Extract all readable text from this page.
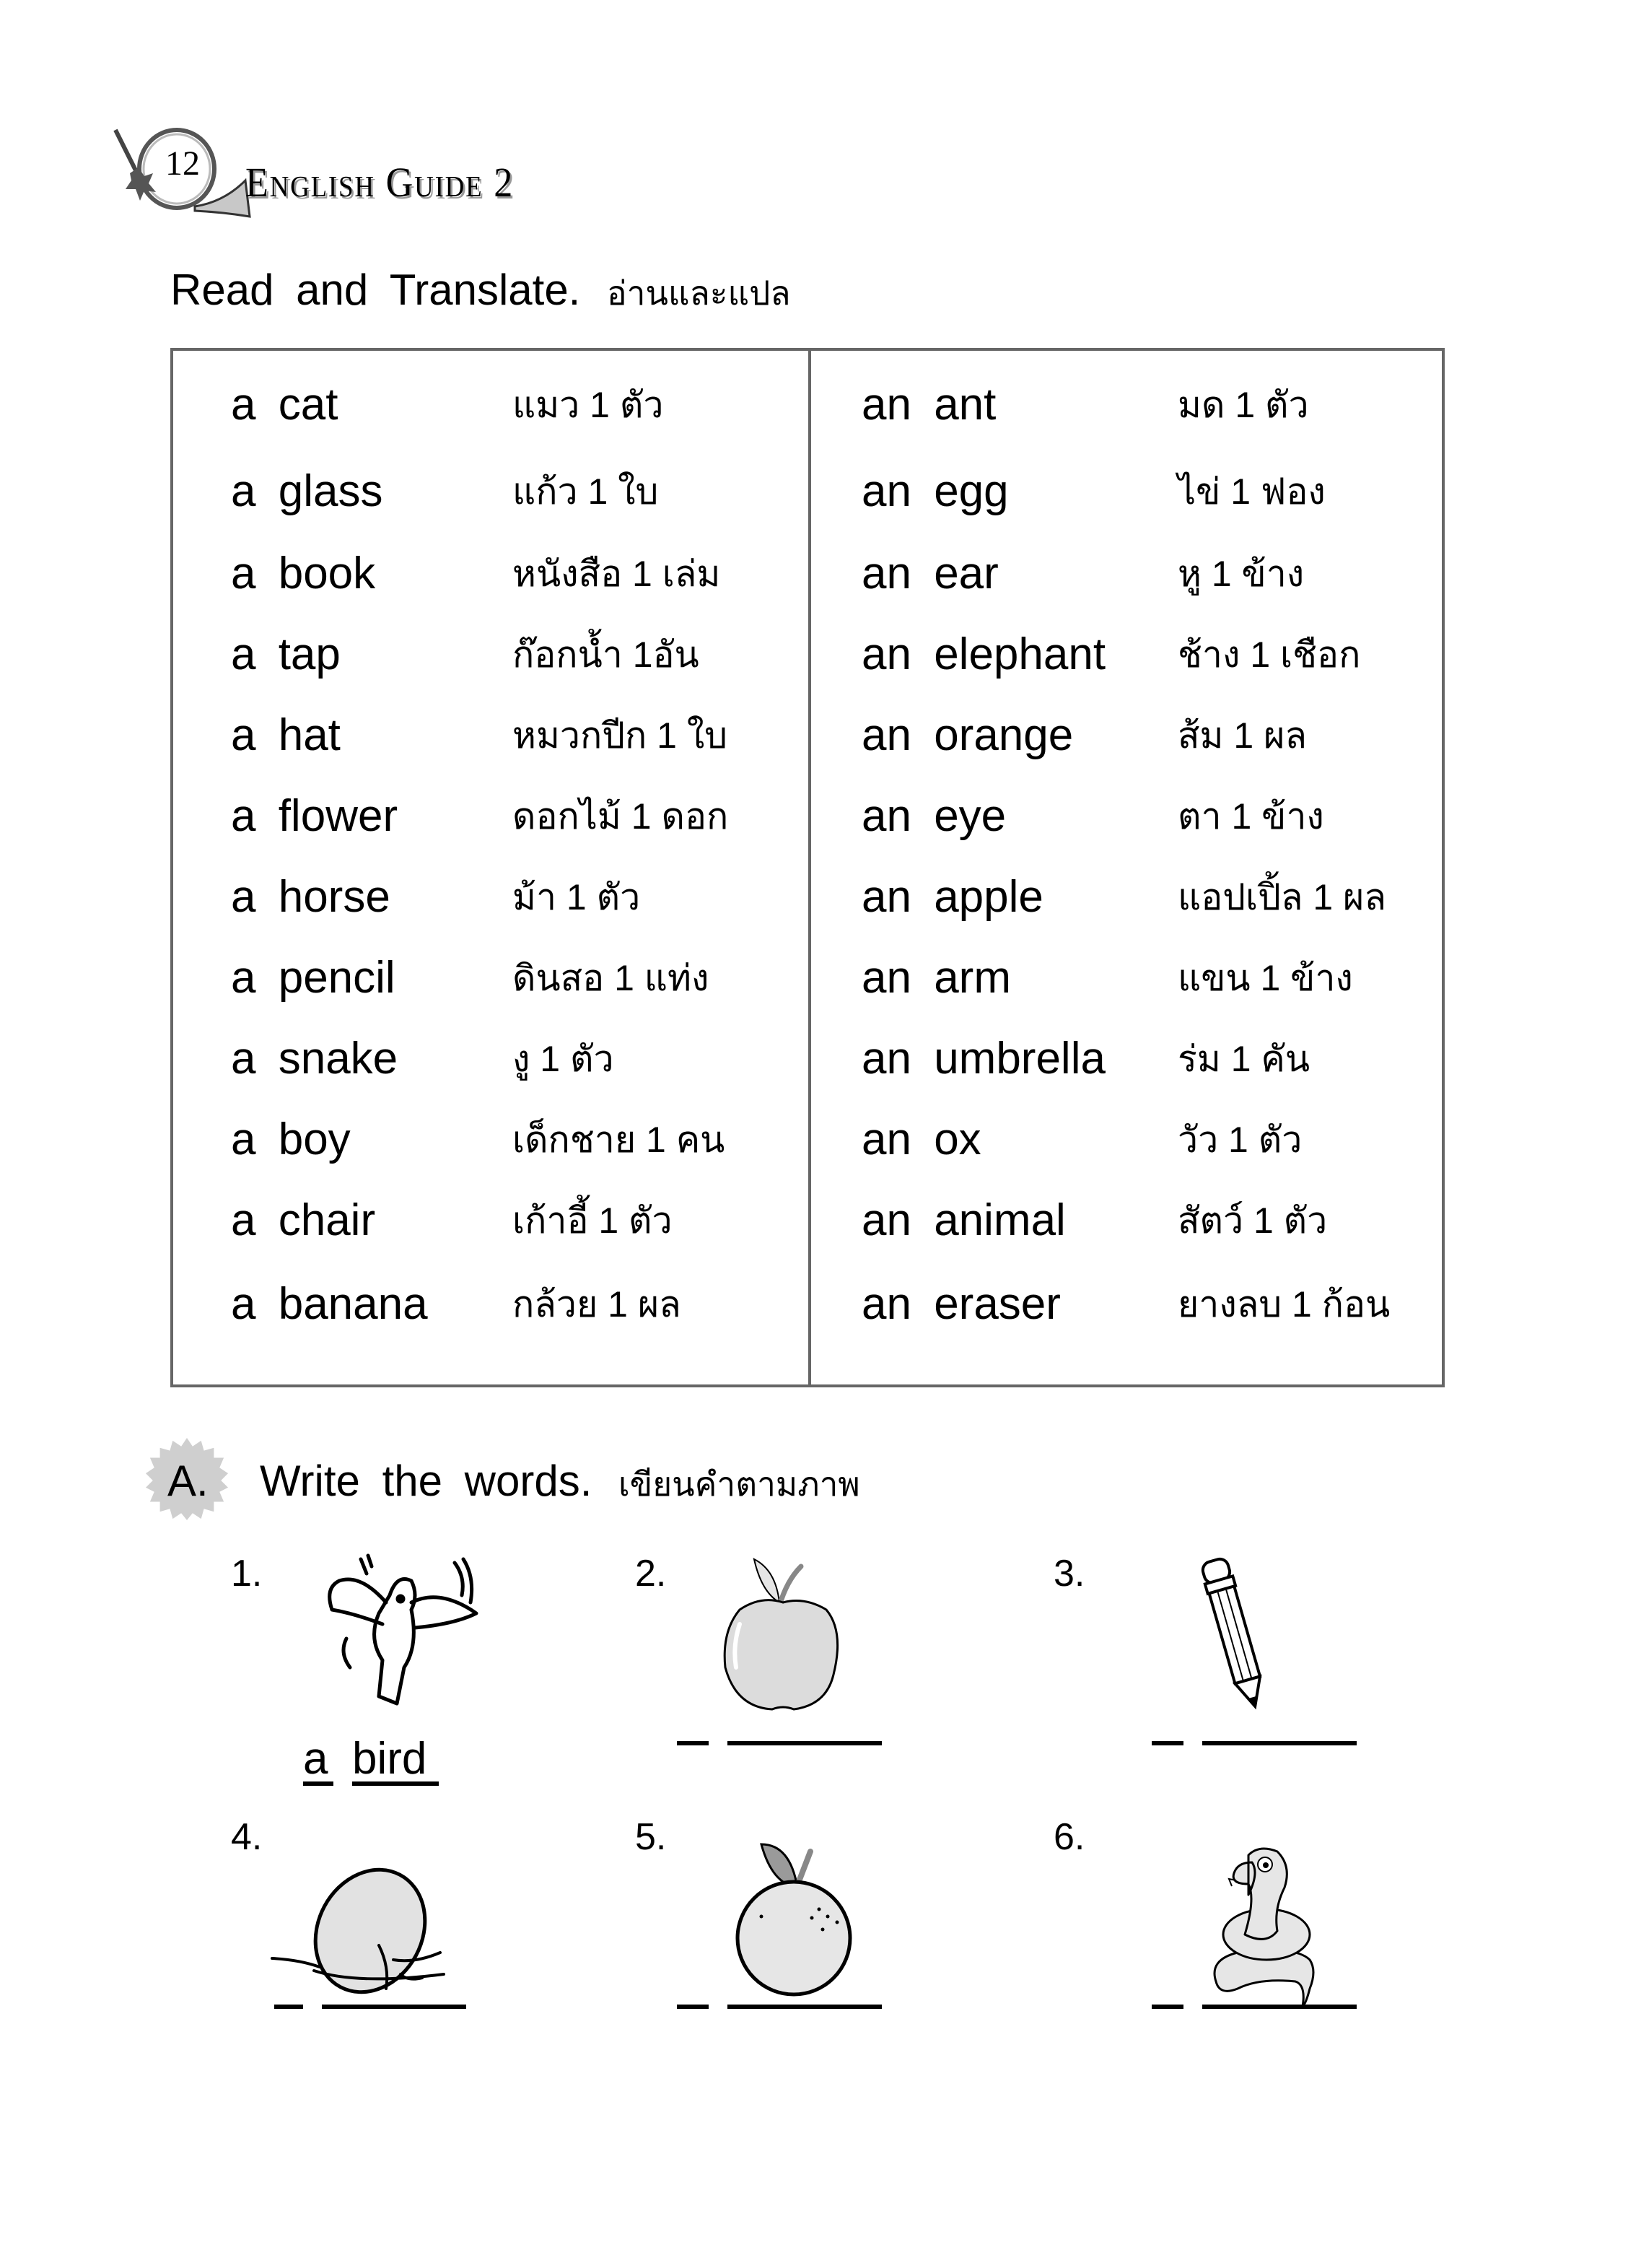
12 English Guide 2
Read and Translate. อ่านและแปล
a cat	แมว 1 ตัว
a glass	แก้ว 1 ใบ
a book	หนังสือ 1 เล่ม
a tap	ก๊อกน้ำ 1อัน
a hat	หมวกปีก 1 ใบ
a flower	ดอกไม้ 1 ดอก
a horse	ม้า 1 ตัว
a pencil	ดินสอ 1 แท่ง
a snake	งู 1 ตัว
a boy	เด็กชาย 1 คน
a chair	เก้าอี้ 1 ตัว
a banana กล้วย 1 ผล
an ant	มด 1 ตัว
an egg	ไข่ 1 ฟอง
an ear	หู 1 ข้าง
an elephant ช้าง 1 เชือก
an orange	ส้ม 1 ผล
an eye	ตา 1 ข้าง
an apple	แอปเปิ้ล 1 ผล
an arm	แขน 1 ข้าง
an umbrella ร่ม 1 คัน
an ox	วัว 1 ตัว
an animal	สัตว์ 1 ตัว
an eraser	ยางลบ 1 ก้อน
A. Write the words. เขียนคำตามภาพ
1.
a bird
2.	3.
4.	5.	6.
